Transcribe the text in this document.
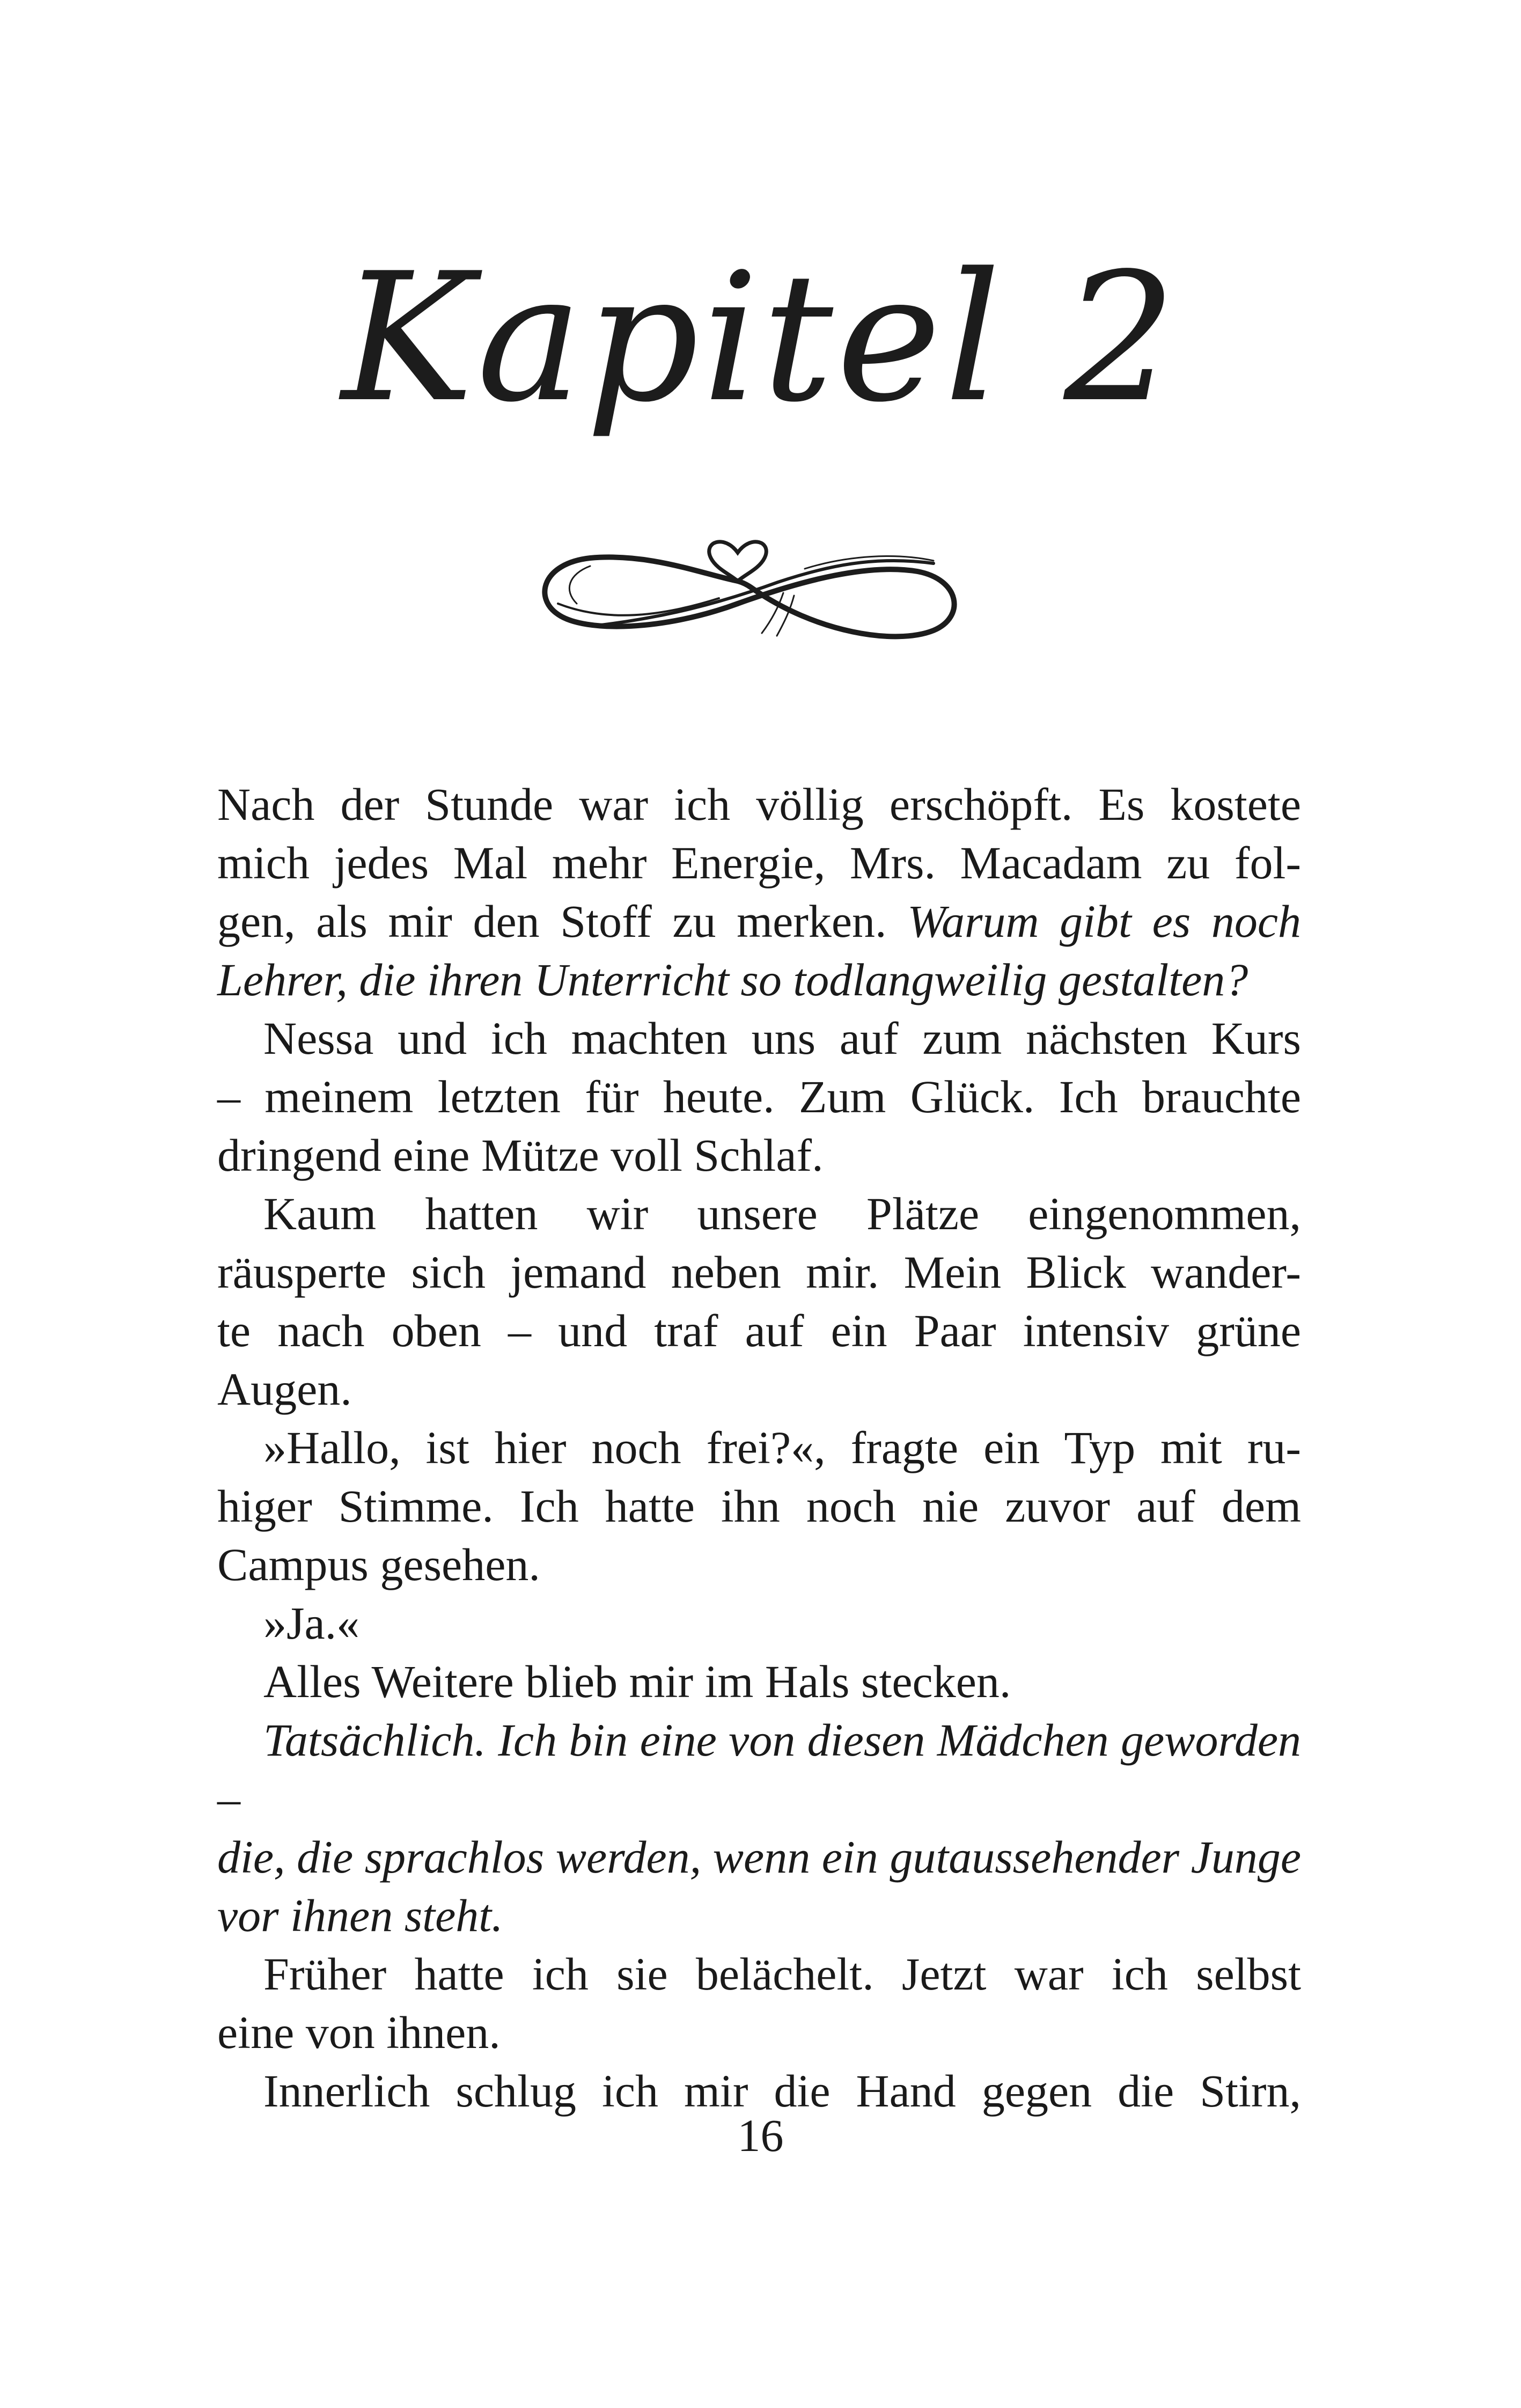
Kapitel 2

Nach der Stunde war ich völlig erschöpft. Es kostete
mich jedes Mal mehr Energie, Mrs. Macadam zu fol-
gen, als mir den Stoff zu merken. Warum gibt es noch
Lehrer, die ihren Unterricht so todlangweilig gestalten?

Nessa und ich machten uns auf zum nächsten Kurs
– meinem letzten für heute. Zum Glück. Ich brauchte
dringend eine Mütze voll Schlaf.

Kaum hatten wir unsere Plätze eingenommen,
räusperte sich jemand neben mir. Mein Blick wander-
te nach oben – und traf auf ein Paar intensiv grüne
Augen.

»Hallo, ist hier noch frei?«, fragte ein Typ mit ru-
higer Stimme. Ich hatte ihn noch nie zuvor auf dem
Campus gesehen.

»Ja.«

Alles Weitere blieb mir im Hals stecken.

Tatsächlich. Ich bin eine von diesen Mädchen geworden –
die, die sprachlos werden, wenn ein gutaussehender Junge
vor ihnen steht.

Früher hatte ich sie belächelt. Jetzt war ich selbst
eine von ihnen.

Innerlich schlug ich mir die Hand gegen die Stirn,

16
